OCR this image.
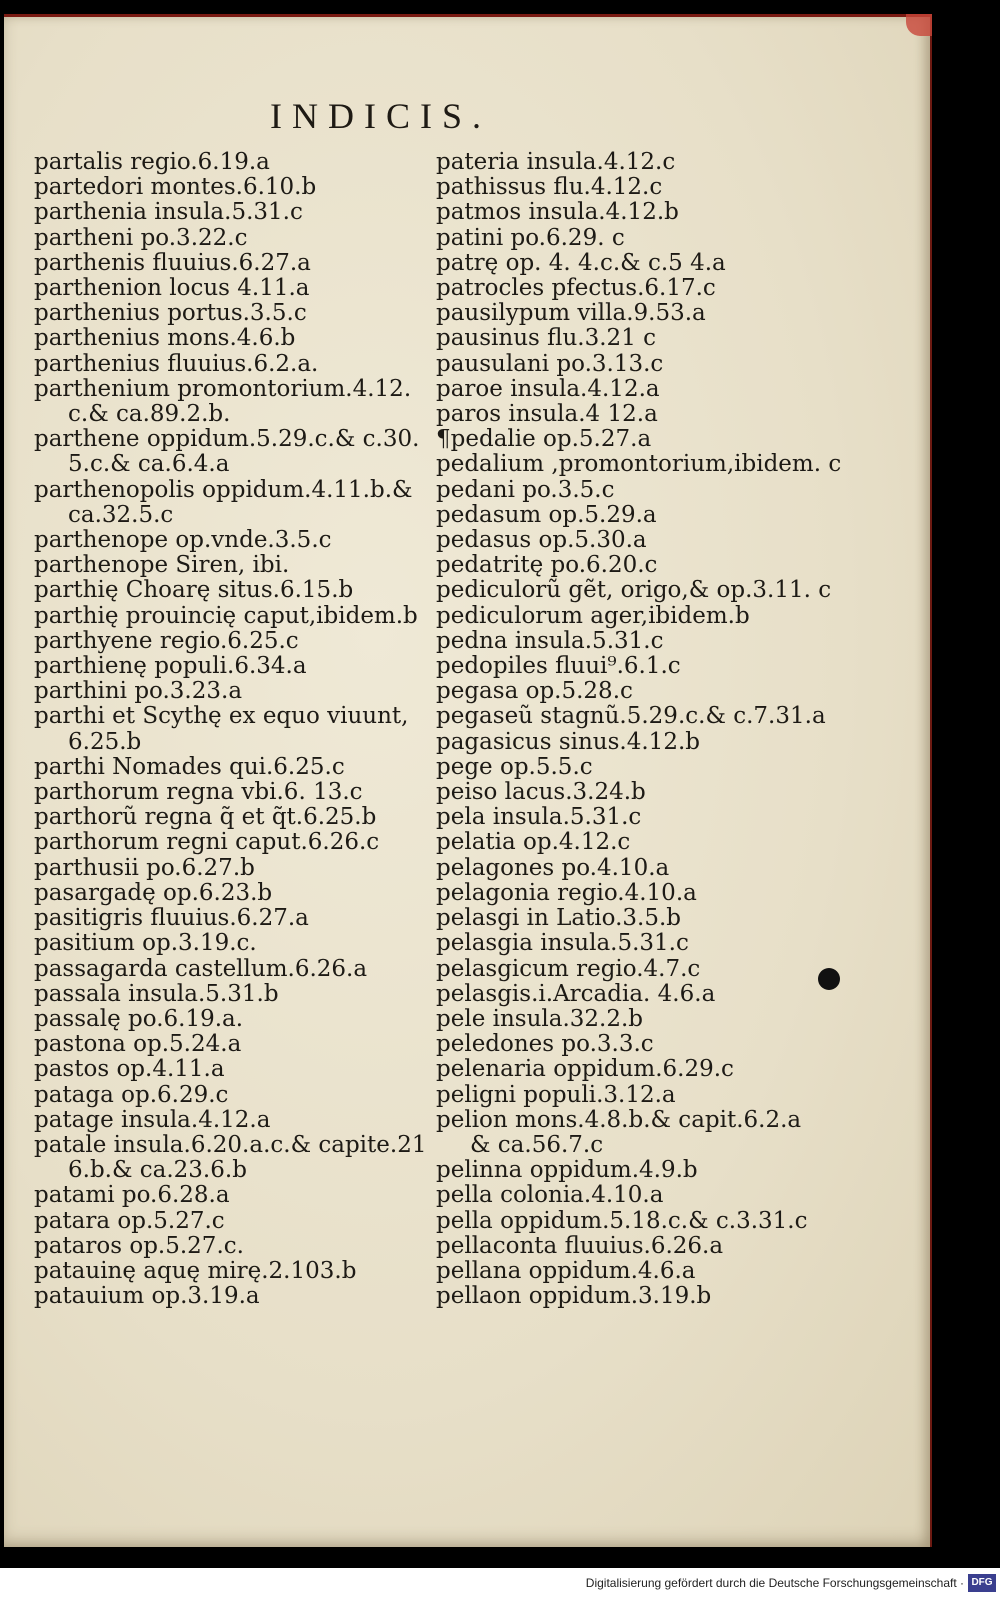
INDICIS.
partalis regio.6.19.a
partedori montes.6.10.b
parthenia insula.5.31.c
partheni po.3.22.c
parthenis fluuius.6.27.a
parthenion locus 4.11.a
parthenius portus.3.5.c
parthenius mons.4.6.b
parthenius fluuius.6.2.a.
parthenium promontorium.4.12.
c.& ca.89.2.b.
parthene oppidum.5.29.c.& c.30.
5.c.& ca.6.4.a
parthenopolis oppidum.4.11.b.&
ca.32.5.c
parthenope op.vnde.3.5.c
parthenope Siren, ibi.
parthię Choarę situs.6.15.b
parthię prouincię caput,ibidem.b
parthyene regio.6.25.c
parthienę populi.6.34.a
parthini po.3.23.a
parthi et Scythę ex equo viuunt,
6.25.b
parthi Nomades qui.6.25.c
parthorum regna vbi.6. 13.c
parthorũ regna q̃ et q̃t.6.25.b
parthorum regni caput.6.26.c
parthusii po.6.27.b
pasargadę op.6.23.b
pasitigris fluuius.6.27.a
pasitium op.3.19.c.
passagarda castellum.6.26.a
passala insula.5.31.b
passalę po.6.19.a.
pastona op.5.24.a
pastos op.4.11.a
pataga op.6.29.c
patage insula.4.12.a
patale insula.6.20.a.c.& capite.21
6.b.& ca.23.6.b
patami po.6.28.a
patara op.5.27.c
pataros op.5.27.c.
patauinę aquę mirę.2.103.b
patauium op.3.19.a
pateria insula.4.12.c
pathissus flu.4.12.c
patmos insula.4.12.b
patini po.6.29. c
patrę op. 4. 4.c.& c.5 4.a
patrocles pfectus.6.17.c
pausilypum villa.9.53.a
pausinus flu.3.21 c
pausulani po.3.13.c
paroe insula.4.12.a
paros insula.4 12.a
¶pedalie op.5.27.a
pedalium ,promontorium,ibidem. c
pedani po.3.5.c
pedasum op.5.29.a
pedasus op.5.30.a
pedatritę po.6.20.c
pediculorũ gẽt, origo,& op.3.11. c
pediculorum ager,ibidem.b
pedna insula.5.31.c
pedopiles fluui⁹.6.1.c
pegasa op.5.28.c
pegaseũ stagnũ.5.29.c.& c.7.31.a
pagasicus sinus.4.12.b
pege op.5.5.c
peiso lacus.3.24.b
pela insula.5.31.c
pelatia op.4.12.c
pelagones po.4.10.a
pelagonia regio.4.10.a
pelasgi in Latio.3.5.b
pelasgia insula.5.31.c
pelasgicum regio.4.7.c
pelasgis.i.Arcadia. 4.6.a
pele insula.32.2.b
peledones po.3.3.c
pelenaria oppidum.6.29.c
peligni populi.3.12.a
pelion mons.4.8.b.& capit.6.2.a
& ca.56.7.c
pelinna oppidum.4.9.b
pella colonia.4.10.a
pella oppidum.5.18.c.& c.3.31.c
pellaconta fluuius.6.26.a
pellana oppidum.4.6.a
pellaon oppidum.3.19.b
Digitalisierung gefördert durch die Deutsche Forschungsgemeinschaft · DFG
